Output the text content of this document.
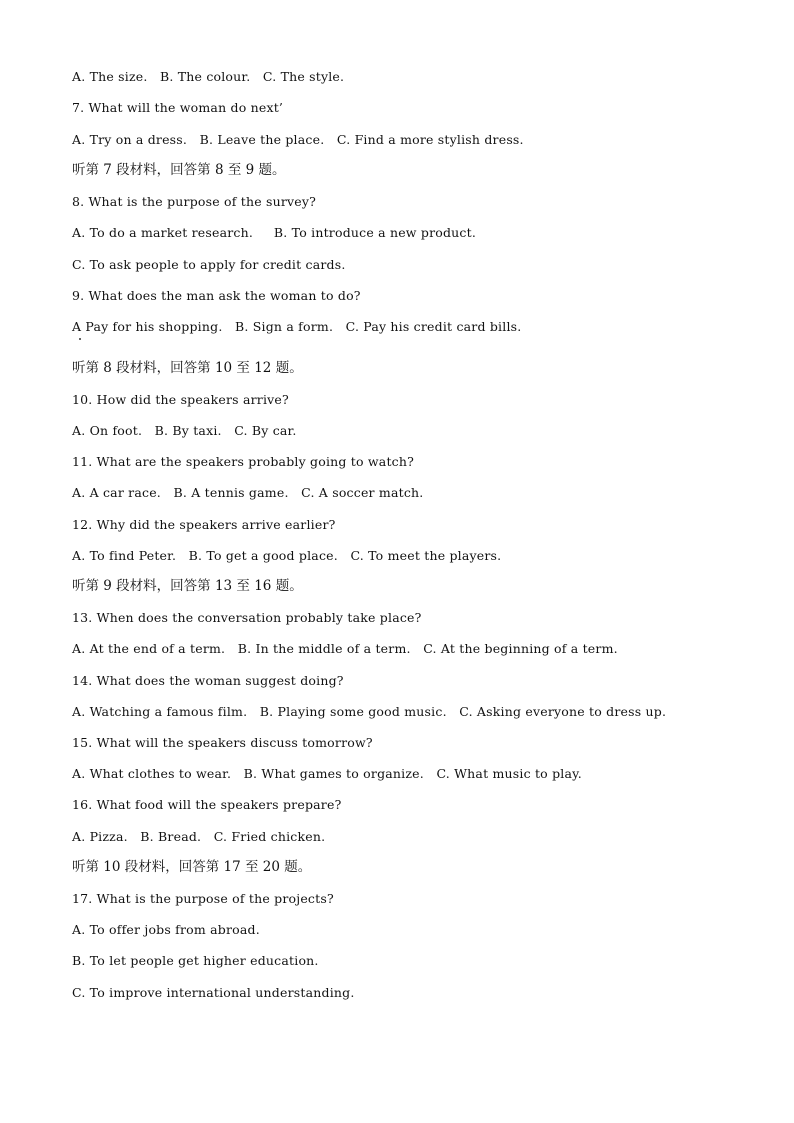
A. The size.   B. The colour.   C. The style.
7. What will the woman do next’
A. Try on a dress.   B. Leave the place.   C. Find a more stylish dress.
听第 7 段材料，回答第 8 至 9 题。
8. What is the purpose of the survey?
A. To do a market research.     B. To introduce a new product.
C. To ask people to apply for credit cards.
9. What does the man ask the woman to do?
A Pay for his shopping.   B. Sign a form.   C. Pay his credit card bills.
听第 8 段材料，回答第 10 至 12 题。
10. How did the speakers arrive?
A. On foot.   B. By taxi.   C. By car.
11. What are the speakers probably going to watch?
A. A car race.   B. A tennis game.   C. A soccer match.
12. Why did the speakers arrive earlier?
A. To find Peter.   B. To get a good place.   C. To meet the players.
听第 9 段材料，回答第 13 至 16 题。
13. When does the conversation probably take place?
A. At the end of a term.   B. In the middle of a term.   C. At the beginning of a term.
14. What does the woman suggest doing?
A. Watching a famous film.   B. Playing some good music.   C. Asking everyone to dress up.
15. What will the speakers discuss tomorrow?
A. What clothes to wear.   B. What games to organize.   C. What music to play.
16. What food will the speakers prepare?
A. Pizza.   B. Bread.   C. Fried chicken.
听第 10 段材料，回答第 17 至 20 题。
17. What is the purpose of the projects?
A. To offer jobs from abroad.
B. To let people get higher education.
C. To improve international understanding.
